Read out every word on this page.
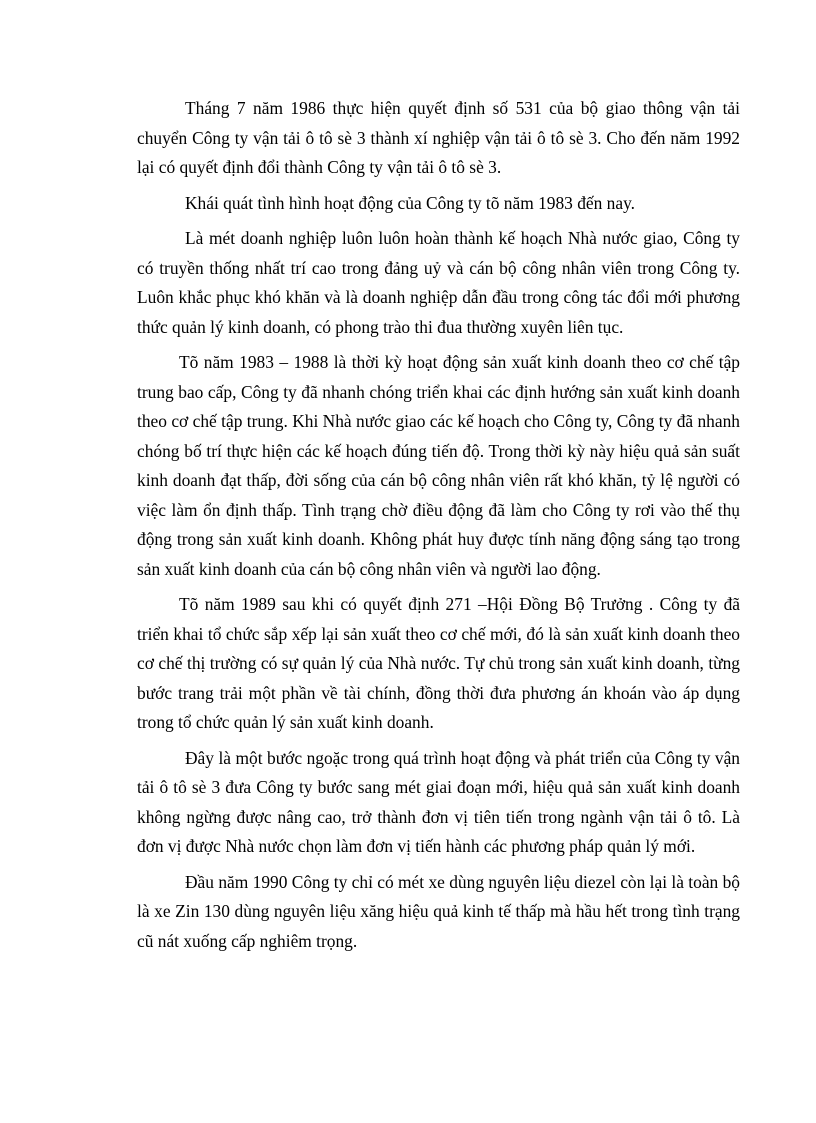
Tháng 7 năm 1986 thực hiện quyết định số 531 của bộ giao thông vận tải chuyển Công ty vận tải ô tô sè 3 thành xí nghiệp vận tải ô tô sè 3. Cho đến năm 1992 lại có quyết định đổi thành Công ty vận tải ô tô sè 3.

Khái quát tình hình hoạt động của Công ty tõ năm 1983 đến nay.

Là mét doanh nghiệp luôn luôn hoàn thành kế hoạch Nhà nước giao, Công ty có truyền thống nhất trí cao trong đảng uỷ và cán bộ công nhân viên trong Công ty. Luôn khắc phục khó khăn và là doanh nghiệp dẫn đầu trong công tác đổi mới phương thức quản lý kinh doanh, có phong trào thi đua thường xuyên liên tục.

Tõ năm 1983 – 1988 là thời kỳ hoạt động sản xuất kinh doanh theo cơ chế tập trung bao cấp, Công ty đã nhanh chóng triển khai các định hướng sản xuất kinh doanh theo cơ chế tập trung. Khi Nhà nước giao các kế hoạch cho Công ty, Công ty đã nhanh chóng bố trí thực hiện các kế hoạch đúng tiến độ. Trong thời kỳ này hiệu quả sản suất kinh doanh đạt thấp, đời sống của cán bộ công nhân viên rất khó khăn, tỷ lệ người có việc làm ổn định thấp. Tình trạng chờ điều động đã làm cho Công ty rơi vào thế thụ động trong sản xuất kinh doanh. Không phát huy được tính năng động sáng tạo trong sản xuất kinh doanh của cán bộ công nhân viên và người lao động.

Tõ năm 1989 sau khi có quyết định 271 –Hội Đồng Bộ Trưởng . Công ty đã triển khai tổ chức sắp xếp lại sản xuất theo cơ chế mới, đó là sản xuất kinh doanh theo cơ chế thị trường có sự quản lý của Nhà nước. Tự chủ trong sản xuất kinh doanh, từng bước trang trải một phần về tài chính, đồng thời đưa phương án khoán vào áp dụng trong tổ chức quản lý sản xuất kinh doanh.

Đây là một bước ngoặc trong quá trình hoạt động và phát triển của Công ty vận tải ô tô sè 3 đưa Công ty bước sang mét giai đoạn mới, hiệu quả sản xuất kinh doanh không ngừng được nâng cao, trở thành đơn vị tiên tiến trong ngành vận tải ô tô. Là đơn vị được Nhà nước chọn làm đơn vị tiến hành các phương pháp quản lý mới.

Đầu năm 1990 Công ty chỉ có mét xe dùng nguyên liệu diezel còn lại là toàn bộ là xe Zin 130 dùng nguyên liệu xăng hiệu quả kinh tế thấp mà hầu hết trong tình trạng cũ nát xuống cấp nghiêm trọng.
